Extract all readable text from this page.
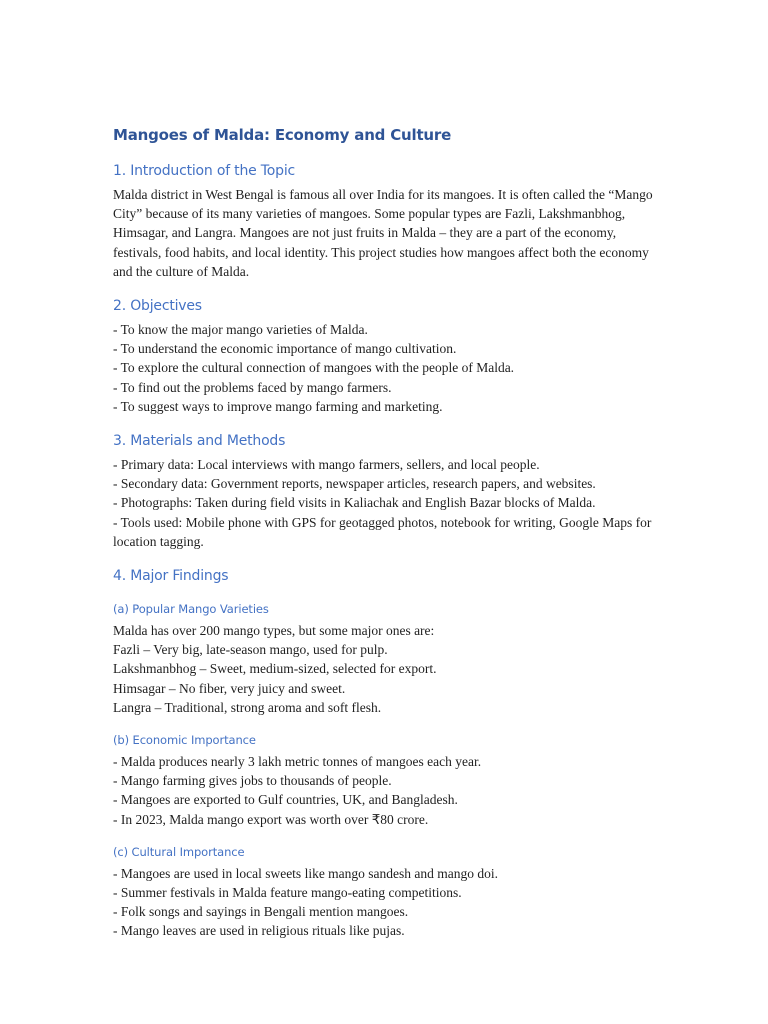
Mangoes of Malda: Economy and Culture
1. Introduction of the Topic

Malda district in West Bengal is famous all over India for its mangoes. It is often called the “Mango City” because of its many varieties of mangoes. Some popular types are Fazli, Lakshmanbhog, Himsagar, and Langra. Mangoes are not just fruits in Malda – they are a part of the economy, festivals, food habits, and local identity. This project studies how mangoes affect both the economy and the culture of Malda.

2. Objectives

- To know the major mango varieties of Malda.

- To understand the economic importance of mango cultivation.

- To explore the cultural connection of mangoes with the people of Malda.

- To find out the problems faced by mango farmers.

- To suggest ways to improve mango farming and marketing.

3. Materials and Methods

- Primary data: Local interviews with mango farmers, sellers, and local people.

- Secondary data: Government reports, newspaper articles, research papers, and websites.

- Photographs: Taken during field visits in Kaliachak and English Bazar blocks of Malda.

- Tools used: Mobile phone with GPS for geotagged photos, notebook for writing, Google Maps for location tagging.

4. Major Findings
(a) Popular Mango Varieties

Malda has over 200 mango types, but some major ones are:

Fazli – Very big, late-season mango, used for pulp.

Lakshmanbhog – Sweet, medium-sized, selected for export.

Himsagar – No fiber, very juicy and sweet.

Langra – Traditional, strong aroma and soft flesh.

(b) Economic Importance

- Malda produces nearly 3 lakh metric tonnes of mangoes each year.

- Mango farming gives jobs to thousands of people.

- Mangoes are exported to Gulf countries, UK, and Bangladesh.

- In 2023, Malda mango export was worth over ₹80 crore.

(c) Cultural Importance

- Mangoes are used in local sweets like mango sandesh and mango doi.

- Summer festivals in Malda feature mango-eating competitions.

- Folk songs and sayings in Bengali mention mangoes.

- Mango leaves are used in religious rituals like pujas.
